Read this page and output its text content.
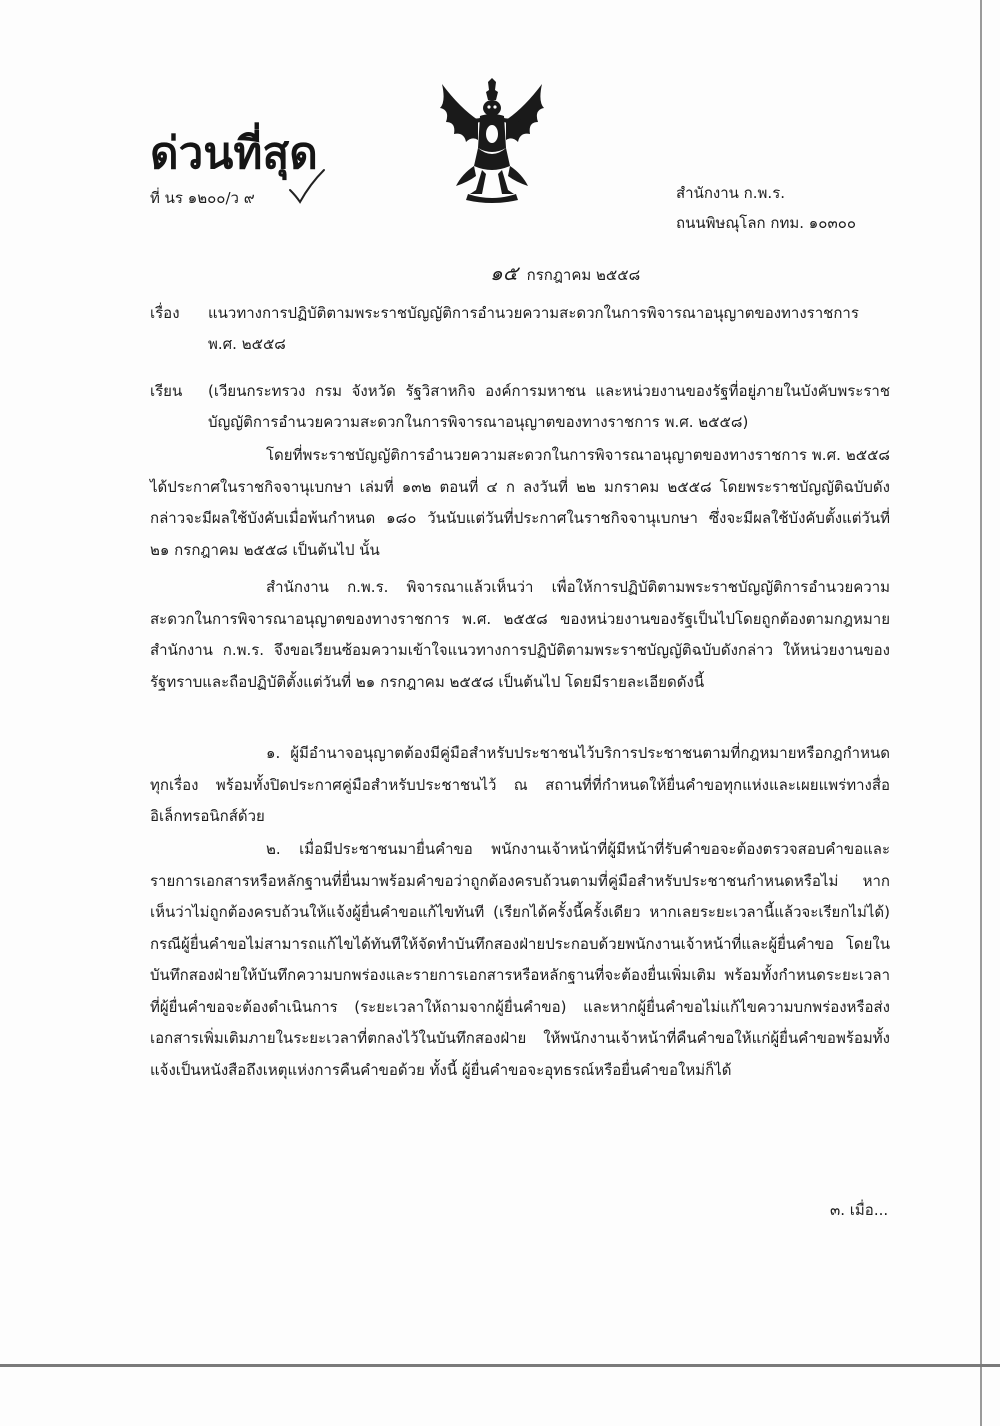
ด่วนที่สุด
ที่ นร ๑๒๐๐/ว ๙	สำนักงาน ก.พ.ร.
ถนนพิษณุโลก กทม. ๑๐๓๐๐
๑๕ กรกฎาคม ๒๕๕๘
เรื่อง	แนวทางการปฏิบัติตามพระราชบัญญัติการอำนวยความสะดวกในการพิจารณาอนุญาตของทางราชการ พ.ศ. ๒๕๕๘
เรียน	(เวียนกระทรวง กรม จังหวัด รัฐวิสาหกิจ องค์การมหาชน และหน่วยงานของรัฐที่อยู่ภายในบังคับพระราชบัญญัติการอำนวยความสะดวกในการพิจารณาอนุญาตของทางราชการ พ.ศ. ๒๕๕๘)
โดยที่พระราชบัญญัติการอำนวยความสะดวกในการพิจารณาอนุญาตของทางราชการ พ.ศ. ๒๕๕๘ ได้ประกาศในราชกิจจานุเบกษา เล่มที่ ๑๓๒ ตอนที่ ๔ ก ลงวันที่ ๒๒ มกราคม ๒๕๕๘ โดยพระราชบัญญัติฉบับดังกล่าวจะมีผลใช้บังคับเมื่อพ้นกำหนด ๑๘๐ วันนับแต่วันที่ประกาศในราชกิจจานุเบกษา ซึ่งจะมีผลใช้บังคับตั้งแต่วันที่ ๒๑ กรกฎาคม ๒๕๕๘ เป็นต้นไป นั้น
สำนักงาน ก.พ.ร. พิจารณาแล้วเห็นว่า เพื่อให้การปฏิบัติตามพระราชบัญญัติการอำนวยความสะดวกในการพิจารณาอนุญาตของทางราชการ พ.ศ. ๒๕๕๘ ของหน่วยงานของรัฐเป็นไปโดยถูกต้องตามกฎหมาย สำนักงาน ก.พ.ร. จึงขอเวียนซ้อมความเข้าใจแนวทางการปฏิบัติตามพระราชบัญญัติฉบับดังกล่าว ให้หน่วยงานของรัฐทราบและถือปฏิบัติตั้งแต่วันที่ ๒๑ กรกฎาคม ๒๕๕๘ เป็นต้นไป โดยมีรายละเอียดดังนี้
๑. ผู้มีอำนาจอนุญาตต้องมีคู่มือสำหรับประชาชนไว้บริการประชาชนตามที่กฎหมายหรือกฎกำหนดทุกเรื่อง พร้อมทั้งปิดประกาศคู่มือสำหรับประชาชนไว้ ณ สถานที่ที่กำหนดให้ยื่นคำขอทุกแห่งและเผยแพร่ทางสื่ออิเล็กทรอนิกส์ด้วย
๒. เมื่อมีประชาชนมายื่นคำขอ พนักงานเจ้าหน้าที่ผู้มีหน้าที่รับคำขอจะต้องตรวจสอบคำขอและรายการเอกสารหรือหลักฐานที่ยื่นมาพร้อมคำขอว่าถูกต้องครบถ้วนตามที่คู่มือสำหรับประชาชนกำหนดหรือไม่ หากเห็นว่าไม่ถูกต้องครบถ้วนให้แจ้งผู้ยื่นคำขอแก้ไขทันที (เรียกได้ครั้งนี้ครั้งเดียว หากเลยระยะเวลานี้แล้วจะเรียกไม่ได้) กรณีผู้ยื่นคำขอไม่สามารถแก้ไขได้ทันทีให้จัดทำบันทึกสองฝ่ายประกอบด้วยพนักงานเจ้าหน้าที่และผู้ยื่นคำขอ โดยในบันทึกสองฝ่ายให้บันทึกความบกพร่องและรายการเอกสารหรือหลักฐานที่จะต้องยื่นเพิ่มเติม พร้อมทั้งกำหนดระยะเวลาที่ผู้ยื่นคำขอจะต้องดำเนินการ (ระยะเวลาให้ถามจากผู้ยื่นคำขอ) และหากผู้ยื่นคำขอไม่แก้ไขความบกพร่องหรือส่งเอกสารเพิ่มเติมภายในระยะเวลาที่ตกลงไว้ในบันทึกสองฝ่าย ให้พนักงานเจ้าหน้าที่คืนคำขอให้แก่ผู้ยื่นคำขอพร้อมทั้งแจ้งเป็นหนังสือถึงเหตุแห่งการคืนคำขอด้วย ทั้งนี้ ผู้ยื่นคำขอจะอุทธรณ์หรือยื่นคำขอใหม่ก็ได้
๓. เมื่อ...
